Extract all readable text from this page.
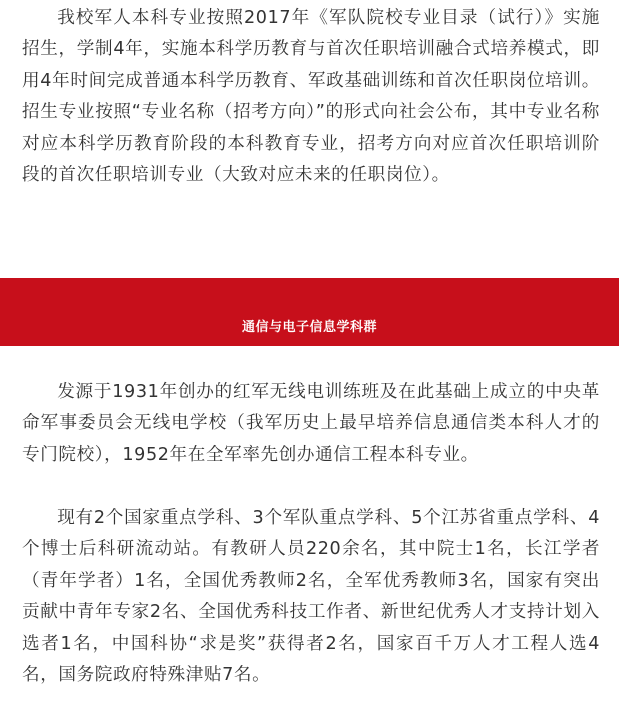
我校军人本科专业按照2017年《军队院校专业目录（试行）》实施招生，学制4年，实施本科学历教育与首次任职培训融合式培养模式，即用4年时间完成普通本科学历教育、军政基础训练和首次任职岗位培训。招生专业按照“专业名称（招考方向）”的形式向社会公布，其中专业名称对应本科学历教育阶段的本科教育专业，招考方向对应首次任职培训阶段的首次任职培训专业（大致对应未来的任职岗位）。

通信与电子信息学科群

发源于1931年创办的红军无线电训练班及在此基础上成立的中央革命军事委员会无线电学校（我军历史上最早培养信息通信类本科人才的专门院校），1952年在全军率先创办通信工程本科专业。

现有2个国家重点学科、3个军队重点学科、5个江苏省重点学科、4个博士后科研流动站。有教研人员220余名，其中院士1名，长江学者（青年学者）1名，全国优秀教师2名，全军优秀教师3名，国家有突出贡献中青年专家2名、全国优秀科技工作者、新世纪优秀人才支持计划入选者1名，中国科协“求是奖”获得者2名，国家百千万人才工程人选4名，国务院政府特殊津贴7名。
